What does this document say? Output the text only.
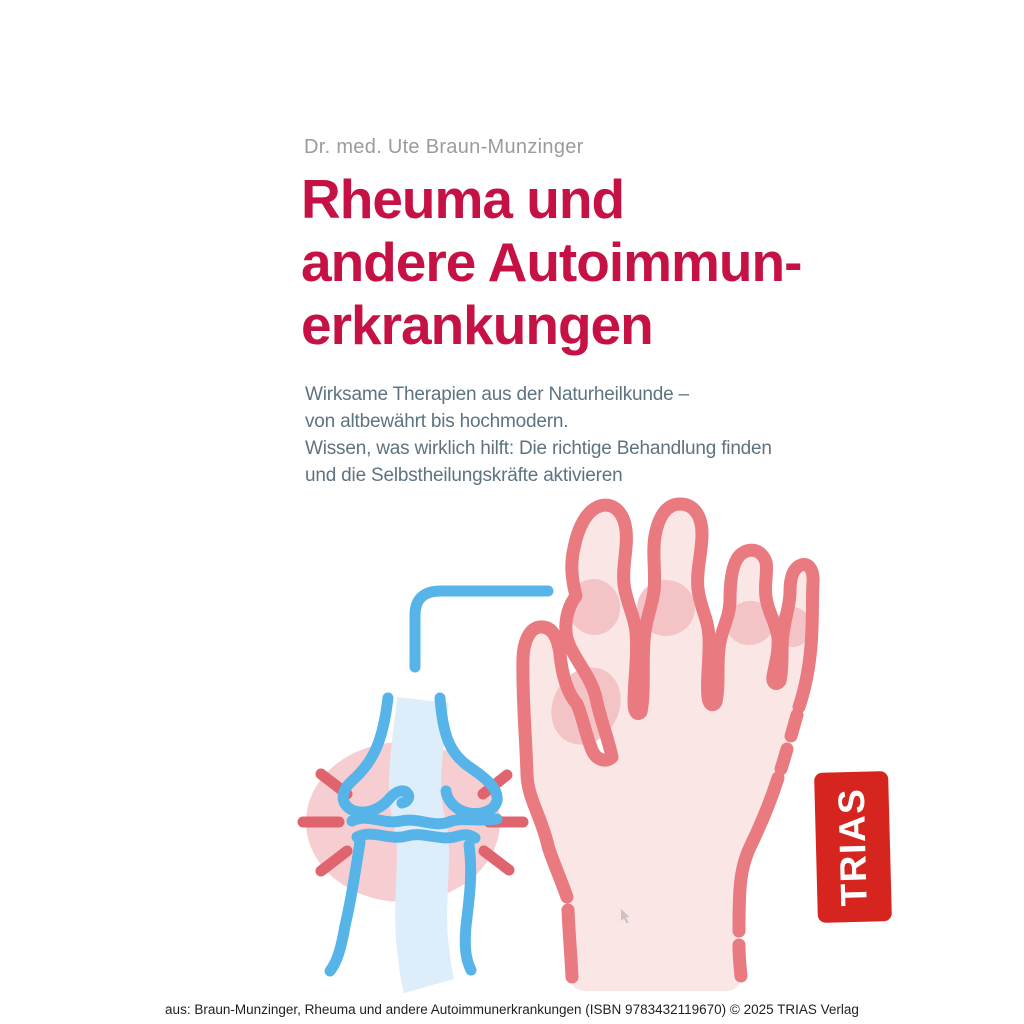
Dr. med. Ute Braun-Munzinger
Rheuma und
andere Autoimmun-
erkrankungen
Wirksame Therapien aus der Naturheilkunde –
von altbewährt bis hochmodern.
Wissen, was wirklich hilft: Die richtige Behandlung finden
und die Selbstheilungskräfte aktivieren
TRIAS
aus: Braun-Munzinger, Rheuma und andere Autoimmunerkrankungen (ISBN 9783432119670) © 2025 TRIAS Verlag
